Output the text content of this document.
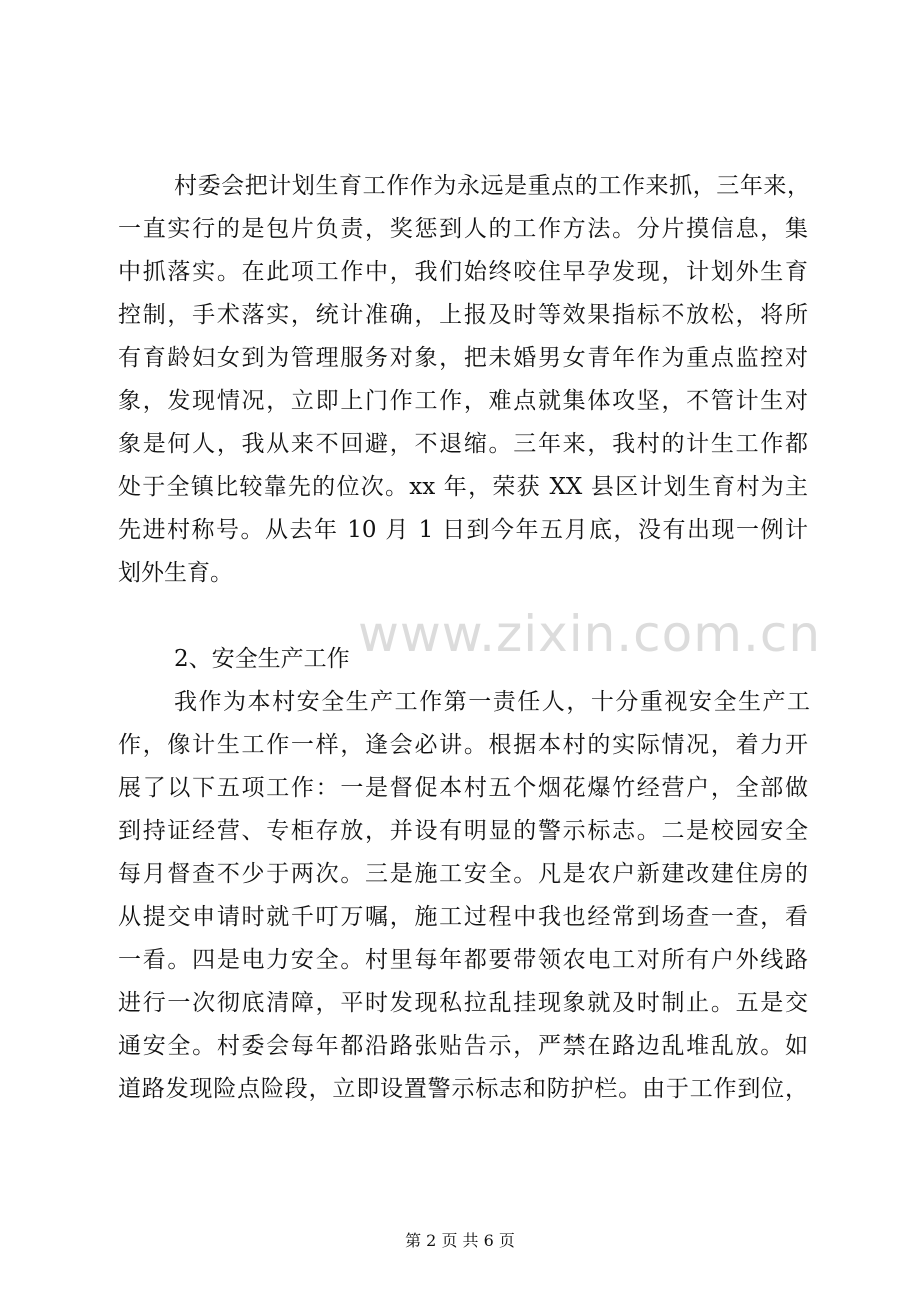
村委会把计划生育工作作为永远是重点的工作来抓，三年来，
一直实行的是包片负责，奖惩到人的工作方法。分片摸信息，集
中抓落实。在此项工作中，我们始终咬住早孕发现，计划外生育
控制，手术落实，统计准确，上报及时等效果指标不放松，将所
有育龄妇女到为管理服务对象，把未婚男女青年作为重点监控对
象，发现情况，立即上门作工作，难点就集体攻坚，不管计生对
象是何人，我从来不回避，不退缩。三年来，我村的计生工作都
处于全镇比较靠先的位次。xx 年，荣获 XX 县区计划生育村为主
先进村称号。从去年 10 月 1 日到今年五月底，没有出现一例计
划外生育。
www.zixin.com.cn
2、安全生产工作
我作为本村安全生产工作第一责任人，十分重视安全生产工
作，像计生工作一样，逢会必讲。根据本村的实际情况，着力开
展了以下五项工作：一是督促本村五个烟花爆竹经营户，全部做
到持证经营、专柜存放，并设有明显的警示标志。二是校园安全
每月督查不少于两次。三是施工安全。凡是农户新建改建住房的
从提交申请时就千叮万嘱，施工过程中我也经常到场查一查，看
一看。四是电力安全。村里每年都要带领农电工对所有户外线路
进行一次彻底清障，平时发现私拉乱挂现象就及时制止。五是交
通安全。村委会每年都沿路张贴告示，严禁在路边乱堆乱放。如
道路发现险点险段，立即设置警示标志和防护栏。由于工作到位，
第 2 页 共 6 页
